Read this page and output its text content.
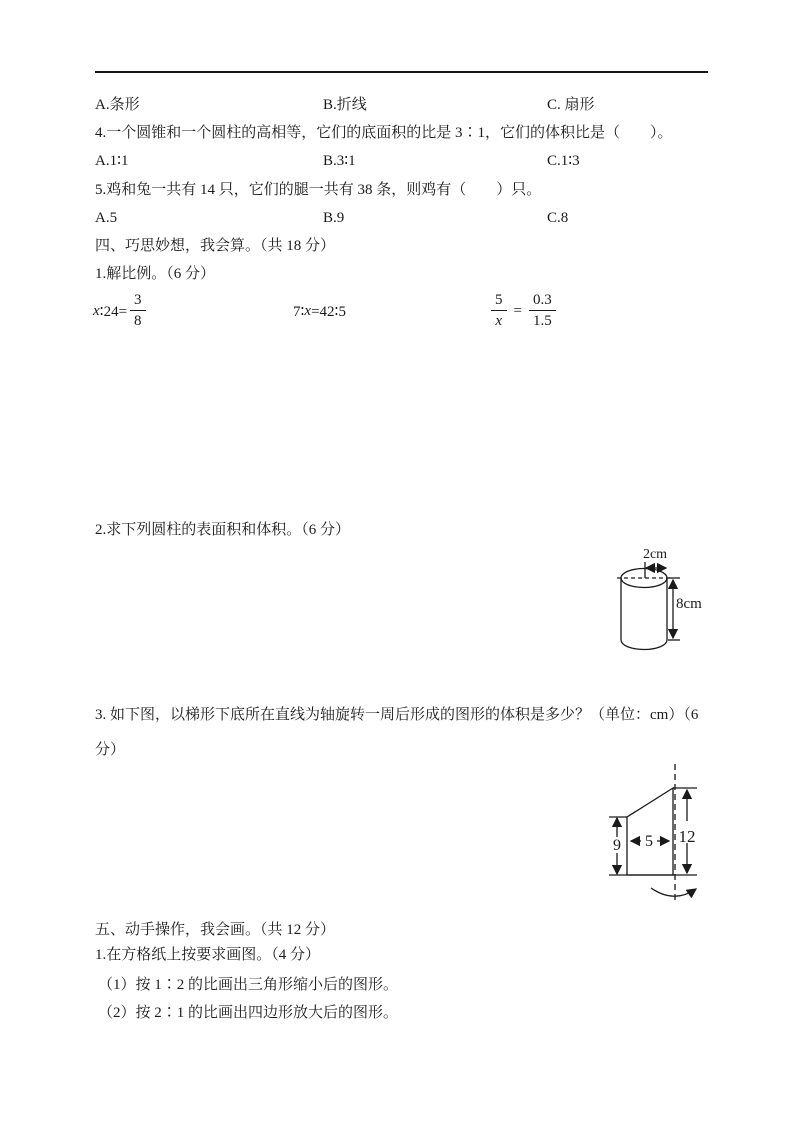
A.条形	B.折线	C. 扇形
4.一个圆锥和一个圆柱的高相等，它们的底面积的比是 3∶1，它们的体积比是（　　）。
A.1∶1	B.3∶1	C.1∶3
5.鸡和兔一共有 14 只，它们的腿一共有 38 条，则鸡有（　　）只。
A.5	B.9	C.8
四、巧思妙想，我会算。（共 18 分）
1.解比例。（6 分）
x ∶24= $\frac{3}{8}$	7∶ x =42∶5	$\frac{5}{x} = \frac{0.3}{1.5}$
2.求下列圆柱的表面积和体积。（6 分）
2cm
8cm
3. 如下图，以梯形下底所在直线为轴旋转一周后形成的图形的体积是多少？（单位：cm）（6
分）
9 5 12
五、动手操作，我会画。（共 12 分）
1.在方格纸上按要求画图。（4 分）
（1）按 1∶2 的比画出三角形缩小后的图形。
（2）按 2∶1 的比画出四边形放大后的图形。
